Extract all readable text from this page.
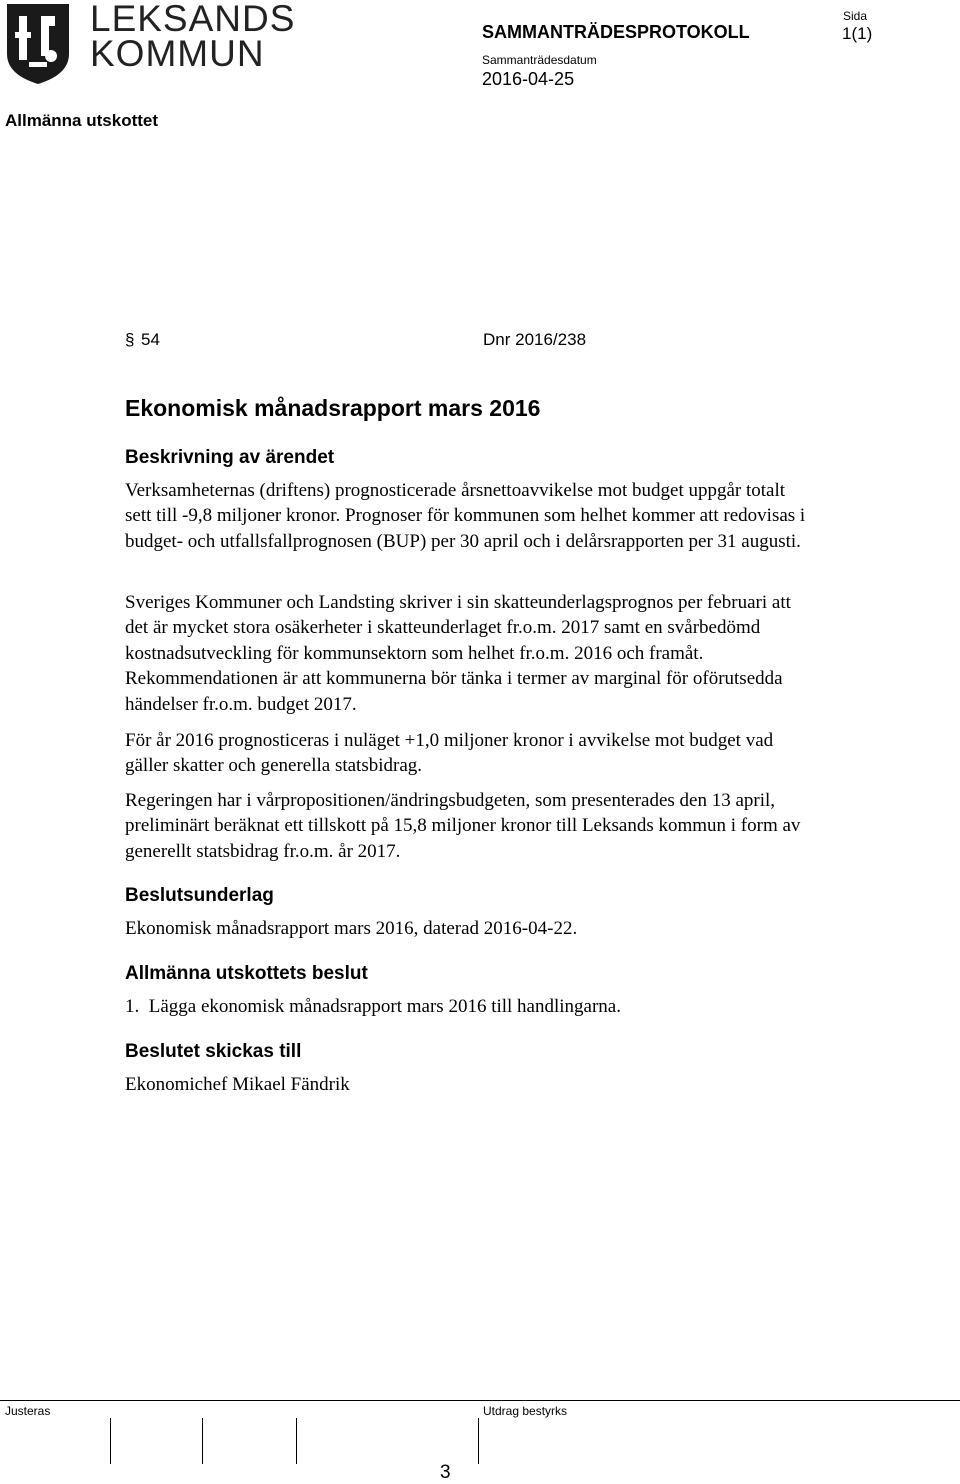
LEKSANDS
KOMMUN
SAMMANTRÄDESPROTOKOLL
Sida
1(1)
Sammanträdesdatum
2016-04-25
Allmänna utskottet
§ 54	Dnr 2016/238
Ekonomisk månadsrapport mars 2016
Beskrivning av ärendet
Verksamheternas (driftens) prognosticerade årsnettoavvikelse mot budget uppgår totalt sett till -9,8 miljoner kronor. Prognoser för kommunen som helhet kommer att redovisas i budget- och utfallsfallprognosen (BUP) per 30 april och i delårsrapporten per 31 augusti.
Sveriges Kommuner och Landsting skriver i sin skatteunderlagsprognos per februari att det är mycket stora osäkerheter i skatteunderlaget fr.o.m. 2017 samt en svårbedömd kostnadsutveckling för kommunsektorn som helhet fr.o.m. 2016 och framåt. Rekommendationen är att kommunerna bör tänka i termer av marginal för oförutsedda händelser fr.o.m. budget 2017.
För år 2016 prognosticeras i nuläget +1,0 miljoner kronor i avvikelse mot budget vad gäller skatter och generella statsbidrag.
Regeringen har i vårpropositionen/ändringsbudgeten, som presenterades den 13 april, preliminärt beräknat ett tillskott på 15,8 miljoner kronor till Leksands kommun i form av generellt statsbidrag fr.o.m. år 2017.
Beslutsunderlag
Ekonomisk månadsrapport mars 2016, daterad 2016-04-22.
Allmänna utskottets beslut
1.  Lägga ekonomisk månadsrapport mars 2016 till handlingarna.
Beslutet skickas till
Ekonomichef Mikael Fändrik
Justeras	Utdrag bestyrks
3
